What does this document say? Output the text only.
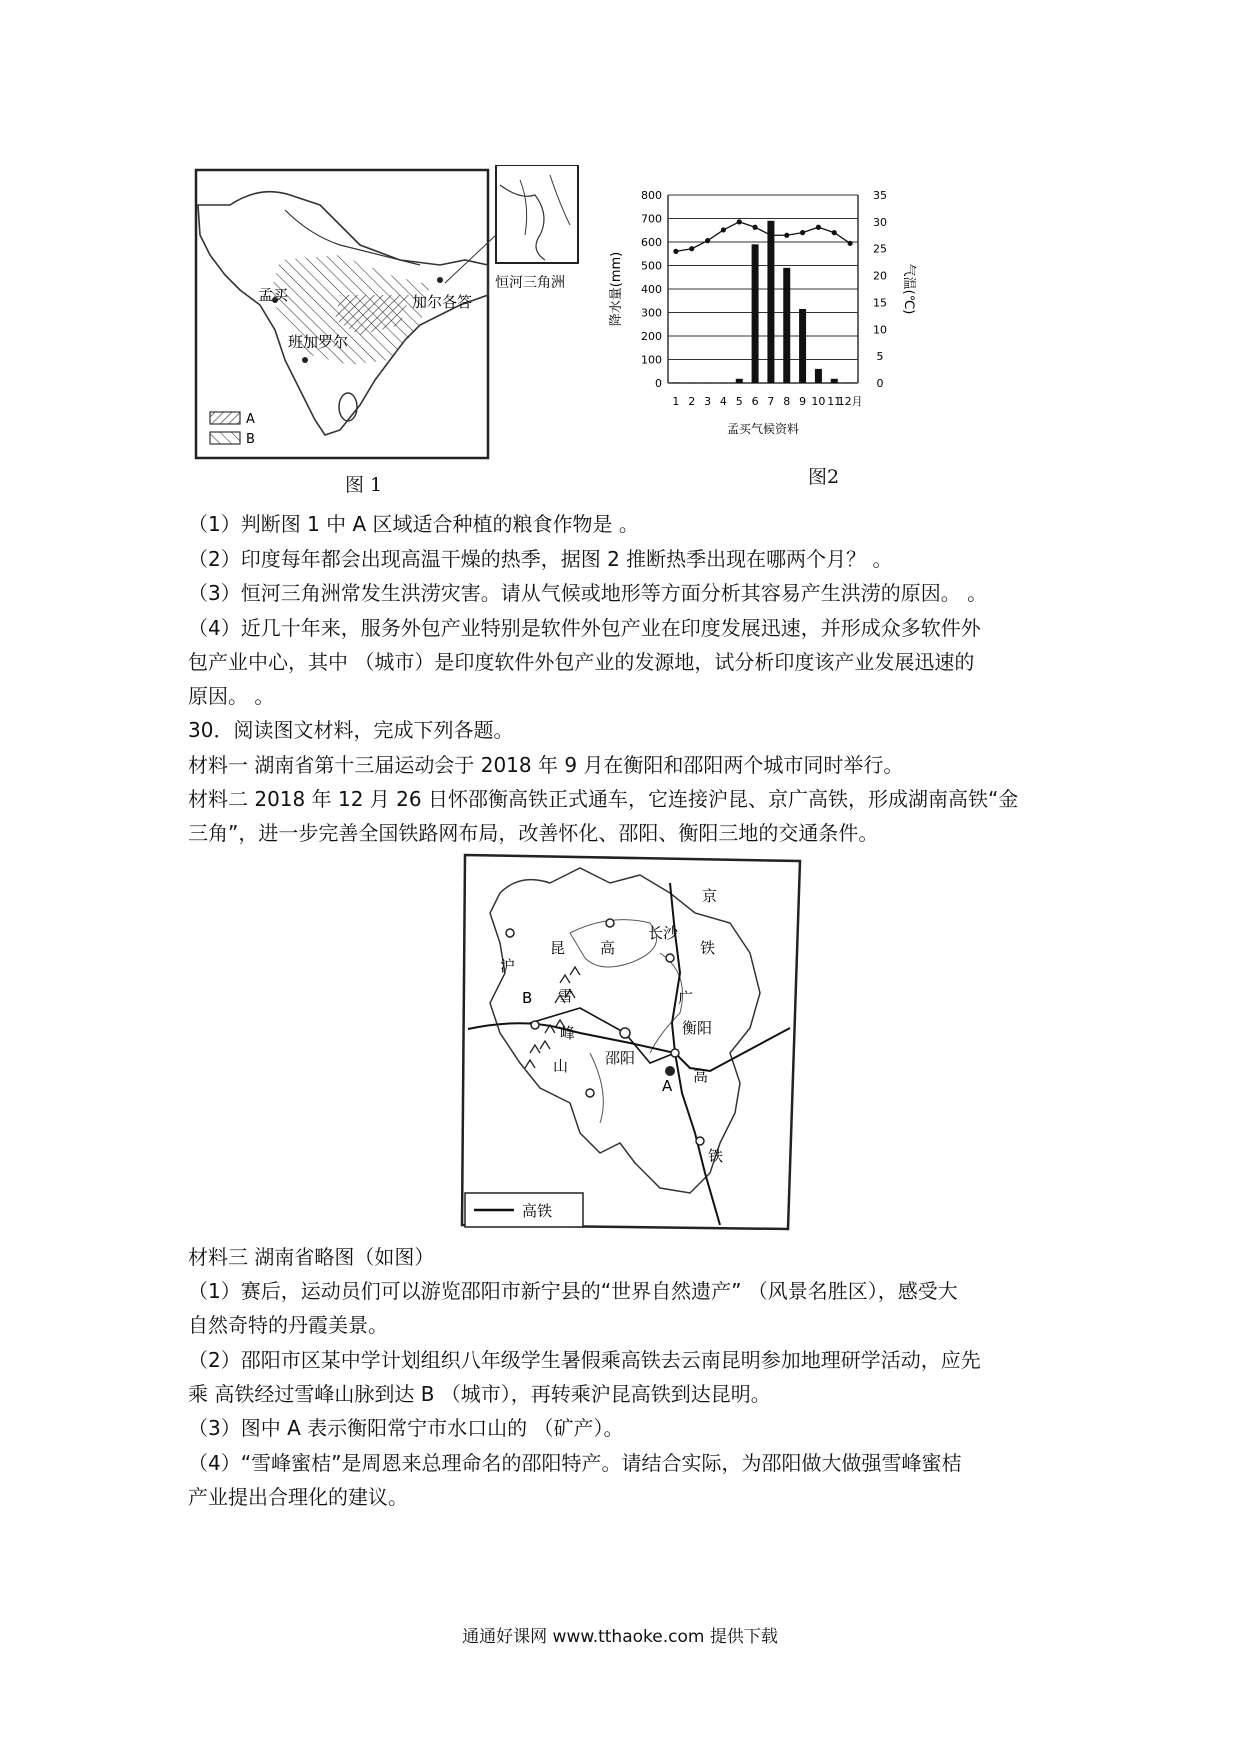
A
B
孟买
班加罗尔
加尔各答
恒河三角洲
图 1
0
100
200
300
400
500
600
700
800
0
5
10
15
20
25
30
35
降水量(mm)	气温(℃)
1 2 3 4 5 6 7 8 9 10 11
12月
孟买气候资料
图2
（1）判断图 1 中 A 区域适合种植的粮食作物是 。
（2）印度每年都会出现高温干燥的热季，据图 2 推断热季出现在哪两个月？ 。
（3）恒河三角洲常发生洪涝灾害。请从气候或地形等方面分析其容易产生洪涝的原因。 。
（4）近几十年来，服务外包产业特别是软件外包产业在印度发展迅速，并形成众多软件外
包产业中心，其中 （城市）是印度软件外包产业的发源地，试分析印度该产业发展迅速的
原因。 。
30．阅读图文材料，完成下列各题。
材料一 湖南省第十三届运动会于 2018 年 9 月在衡阳和邵阳两个城市同时举行。
材料二 2018 年 12 月 26 日怀邵衡高铁正式通车，它连接沪昆、京广高铁，形成湖南高铁“金
三角”，进一步完善全国铁路网布局，改善怀化、邵阳、衡阳三地的交通条件。
京
长沙
高	铁
昆
沪
广
B 雪
峰
山 邵阳
衡阳
A
高
铁
高铁
材料三 湖南省略图（如图）
（1）赛后，运动员们可以游览邵阳市新宁县的“世界自然遗产” （风景名胜区），感受大
自然奇特的丹霞美景。
（2）邵阳市区某中学计划组织八年级学生暑假乘高铁去云南昆明参加地理研学活动，应先
乘 高铁经过雪峰山脉到达 B （城市），再转乘沪昆高铁到达昆明。
（3）图中 A 表示衡阳常宁市水口山的 （矿产）。
（4）“雪峰蜜桔”是周恩来总理命名的邵阳特产。请结合实际，为邵阳做大做强雪峰蜜桔
产业提出合理化的建议。
通通好课网 www.tthaoke.com 提供下载
